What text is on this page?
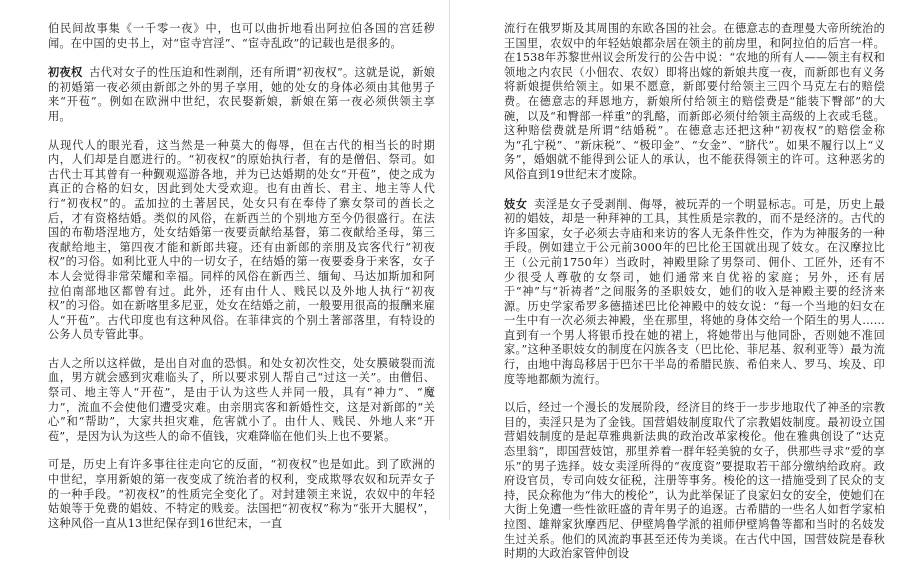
伯民间故事集《一千零一夜》中，也可以曲折地看出阿拉伯各国的宫廷秽闻。在中国的史书上，对“宦寺宫淫”、“宦寺乱政”的记载也是很多的。

初夜权 古代对女子的性压迫和性剥削，还有所谓“初夜权”。这就是说，新娘的初婚第一夜必须由新郎之外的男子享用，她的处女的身体必须由其他男子来“开苞”。例如在欧洲中世纪，农民娶新娘，新娘在第一夜必须供领主享用。

从现代人的眼光看，这当然是一种莫大的侮辱，但在古代的相当长的时期内，人们却是自愿进行的。“初夜权”的原始执行者，有的是僧侣、祭司。如古代士耳其曾有一种觐观巡游各地，并为已达婚期的处女“开苞”，使之成为真正的合格的妇女，因此到处大受欢迎。也有由酋长、君主、地主等人代行“初夜权”的。孟加拉的土著居民，处女只有在奉侍了寨女祭司的酋长之后，才有资格结婚。类似的风俗，在新西兰的个别地方至今仍很盛行。在法国的布勒塔涅地方，处女结婚第一夜要贡献给基督，第二夜献给圣母，第三夜献给地主，第四夜才能和新郎共寝。还有由新郎的亲朋及宾客代行“初夜权”的习俗。如利比亚人中的一切女子，在结婚的第一夜要委身于来客，女子本人会觉得非常荣耀和幸福。同样的风俗在新西兰、缅甸、马达加斯加和阿拉伯南部地区都曾有过。此外，还有由什人、贱民以及外地人执行“初夜权”的习俗。如在新喀里多尼亚，处女在结婚之前，一般要用很高的报酬来雇人“开苞”。古代印度也有这种风俗。在菲律宾的个别土著部落里，有特设的公务人员专管此事。

古人之所以这样做，是出自对血的恐惧。和处女初次性交，处女膜破裂而流血，男方就会感到灾难临头了，所以要求别人帮自己“过这一关”。由僧侣、祭司、地主等人“开苞”，是由于认为这些人并同一般，具有“神力”、“魔力”，流血不会使他们遭受灾难。由亲朋宾客和新婚性交，这是对新郎的“关心”和“帮助”，大家共担灾难，危害就小了。由什人、贱民、外地人来“开苞”，是因为认为这些人的命不值钱，灾难降临在他们头上也不要紧。

可是，历史上有许多事往往走向它的反面，“初夜权”也是如此。到了欧洲的中世纪，享用新娘的第一夜变成了统治者的权利，变成欺辱农奴和玩弄女子的一种手段。“初夜权”的性质完全变化了。对封建领主来说，农奴中的年轻姑娘等于免费的娼妓、不特定的贱妾。法国把“初夜权”称为“张开大腿权”，这种风俗一直从13世纪保存到16世纪末，一直

流行在俄罗斯及其周围的东欧各国的社会。在德意志的查理曼大帝所统治的王国里，农奴中的年轻姑娘都杂居在领主的前房里，和阿拉伯的后宫一样。在1538年苏黎世州议会所发行的公告中说：“农地的所有人——领主有权和领地之内农民（小佃农、农奴）即将出嫁的新娘共度一夜，而新郎也有义务将新娘提供给领主。如果不愿意，新郎要付给领主三四个马克左右的赔偿费。在德意志的拜恩地方，新娘所付给领主的赔偿费是“能装下臀部”的大碗，以及“和臀部一样重”的乳酪，而新郎必须付给领主高级的上衣或毛毯。这种赔偿费就是所谓“结婚税”。在德意志还把这种“初夜权”的赔偿金称为“孔宁税”、“新床税”、“极印金”、“女金”、“脐代”。如果不履行以上“义务”，婚姻就不能得到公证人的承认，也不能获得领主的许可。这种恶劣的风俗直到19世纪末才废除。

妓女 卖淫是女子受剥削、侮辱，被玩弄的一个明显标志。可是，历史上最初的娼妓，却是一种拜神的工具，其性质是宗教的，而不是经济的。古代的许多国家，女子必须去寺庙和来访的客人无条件性交，作为为神服务的一种手段。例如建立于公元前3000年的巴比伦王国就出现了妓女。在汉摩拉比王（公元前1750年）当政时，神殿里除了男祭司、佣仆、工匠外，还有不少很受人尊敬的女祭司，她们通常来自优裕的家庭；另外，还有居于“神”与“祈祷者”之间服务的圣职妓女，她们的收入是神殿主要的经济来源。历史学家希罗多德描述巴比伦神殿中的妓女说：“每一个当地的妇女在一生中有一次必须去神殿，坐在那里，将她的身体交给一个陌生的男人……直到有一个男人将银币投在她的裙上，将她带出与他同卧，否则她不准回家。”这种圣职妓女的制度在闪族各支（巴比伦、菲尼基、叙利亚等）最为流行，由地中海岛移居于巴尔干半岛的希腊民族、希伯来人、罗马、埃及、印度等地都颇为流行。

以后，经过一个漫长的发展阶段，经济目的终于一步步地取代了神圣的宗教目的，卖淫只是为了金钱。国营娼妓制度取代了宗教娼妓制度。最初设立国营娼妓制度的是起草雅典新法典的政治改革家梭伦。他在雅典创设了“达克态里翁”，即国营妓馆，那里养着一群年轻美貌的女子，供那些寻求“爱的享乐”的男子选择。妓女卖淫所得的“夜度资”要提取若干部分缴纳给政府。政府设官员，专司向妓女征税，注册等事务。梭伦的这一措施受到了民众的支持，民众称他为“伟大的梭伦”，认为此举保证了良家妇女的安全，使她们在大街上免遭一些性欲旺盛的青年男子的追逐。古希腊的一些名人如哲学家柏拉图、雄辩家狄摩西尼、伊壁鸠鲁学派的祖师伊壁鸠鲁等都和当时的名妓发生过关系。他们的风流韵事甚至还传为美谈。在古代中国，国营妓院是春秋时期的大政治家管仲创设
